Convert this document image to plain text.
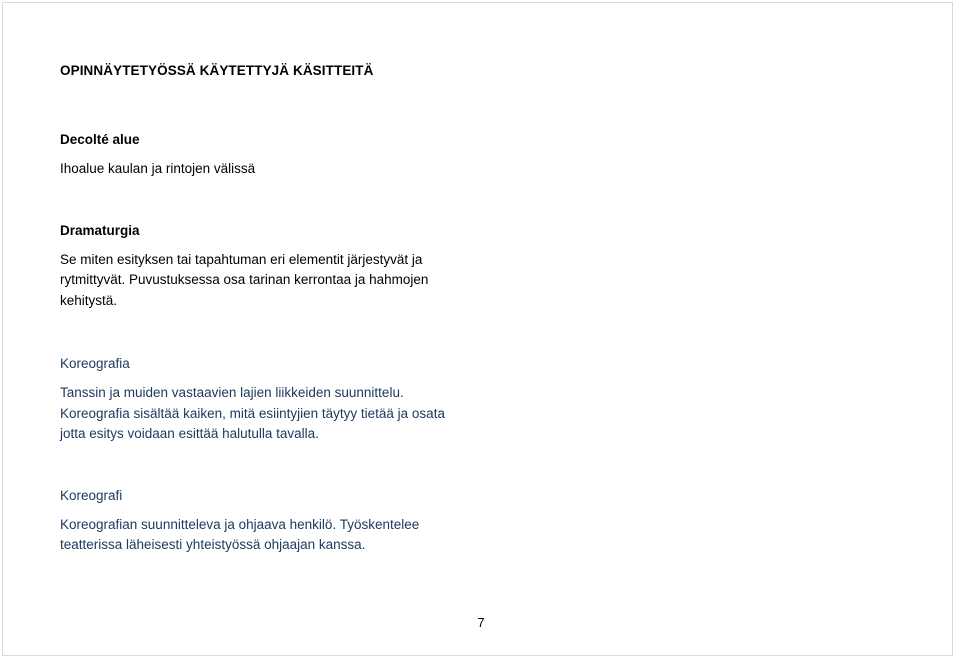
OPINNÄYTETYÖSSÄ KÄYTETTYJÄ KÄSITTEITÄ

Decolté alue

Ihoalue kaulan ja rintojen välissä

Dramaturgia

Se miten esityksen tai tapahtuman eri elementit järjestyvät ja rytmittyvät. Puvustuksessa osa tarinan kerrontaa ja hahmojen kehitystä.

Koreografia

Tanssin ja muiden vastaavien lajien liikkeiden suunnittelu. Koreografia sisältää kaiken, mitä esiintyjien täytyy tietää ja osata jotta esitys voidaan esittää halutulla tavalla.

Koreografi

Koreografian suunnitteleva ja ohjaava henkilö. Työskentelee teatterissa läheisesti yhteistyössä ohjaajan kanssa.

7
